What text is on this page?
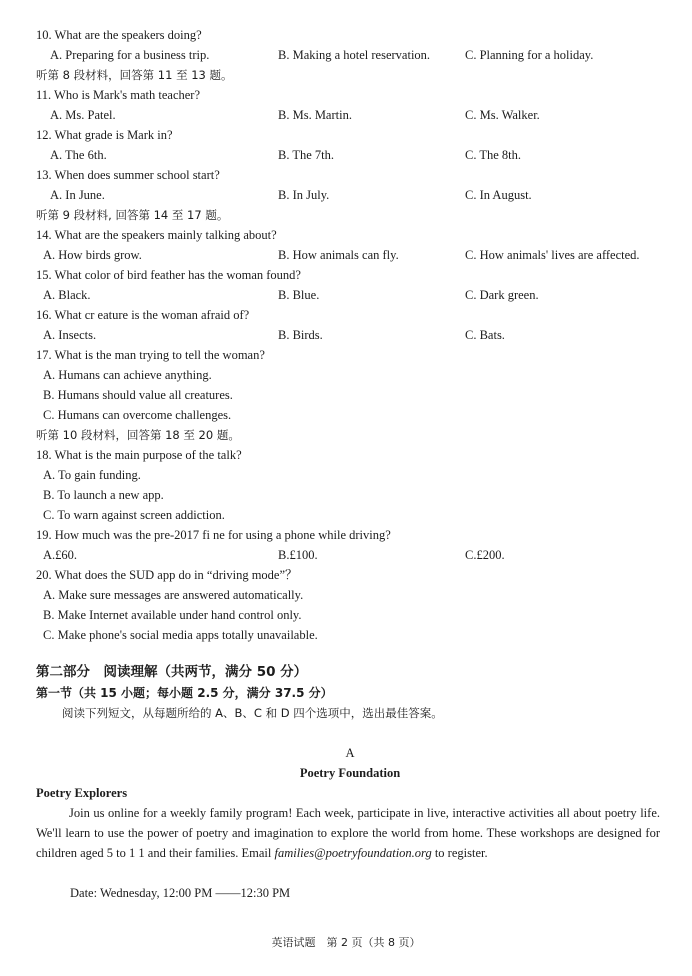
10. What are the speakers doing?
A. Preparing for a business trip.	B. Making a hotel reservation.	C. Planning for a holiday.
听第 8 段材料，回答第 11 至 13 题。
11. Who is Mark's math teacher?
A. Ms. Patel.	B. Ms. Martin.	C. Ms. Walker.
12. What grade is Mark in?
A. The 6th.	B. The 7th.	C. The 8th.
13. When does summer school start?
A. In June.	B. In July.	C. In August.
听第 9 段材料, 回答第 14 至 17 题。
14. What are the speakers mainly talking about?
A. How birds grow.	B. How animals can fly.	C. How animals' lives are affected.
15. What color of bird feather has the woman found?
A. Black.	B. Blue.	C. Dark green.
16. What cr eature is the woman afraid of?
A. Insects.	B. Birds.	C. Bats.
17. What is the man trying to tell the woman?
A. Humans can achieve anything.
B. Humans should value all creatures.
C. Humans can overcome challenges.
听第 10 段材料，回答第 18 至 20 题。
18. What is the main purpose of the talk?
A. To gain funding.
B. To launch a new app.
C. To warn against screen addiction.
19. How much was the pre-2017 fi ne for using a phone while driving?
A.£60.	B.£100.	C.£200.
20. What does the SUD app do in “driving mode”？
A. Make sure messages are answered automatically.
B. Make Internet available under hand control only.
C. Make phone's social media apps totally unavailable.
第二部分　阅读理解（共两节，满分 50 分）
第一节（共 15 小题；每小题 2.5 分，满分 37.5 分）
阅读下列短文，从每题所给的 A、B、C 和 D 四个选项中，选出最佳答案。
A
Poetry Foundation
Poetry Explorers
Join us online for a weekly family program! Each week, participate in live, interactive activities all about poetry life. We'll learn to use the power of poetry and imagination to explore the world from home. These workshops are designed for children aged 5 to 1 1 and their families. Email families@poetryfoundation.org to register.
Date: Wednesday, 12:00 PM ——12:30 PM
英语试题　第 2 页（共 8 页）
